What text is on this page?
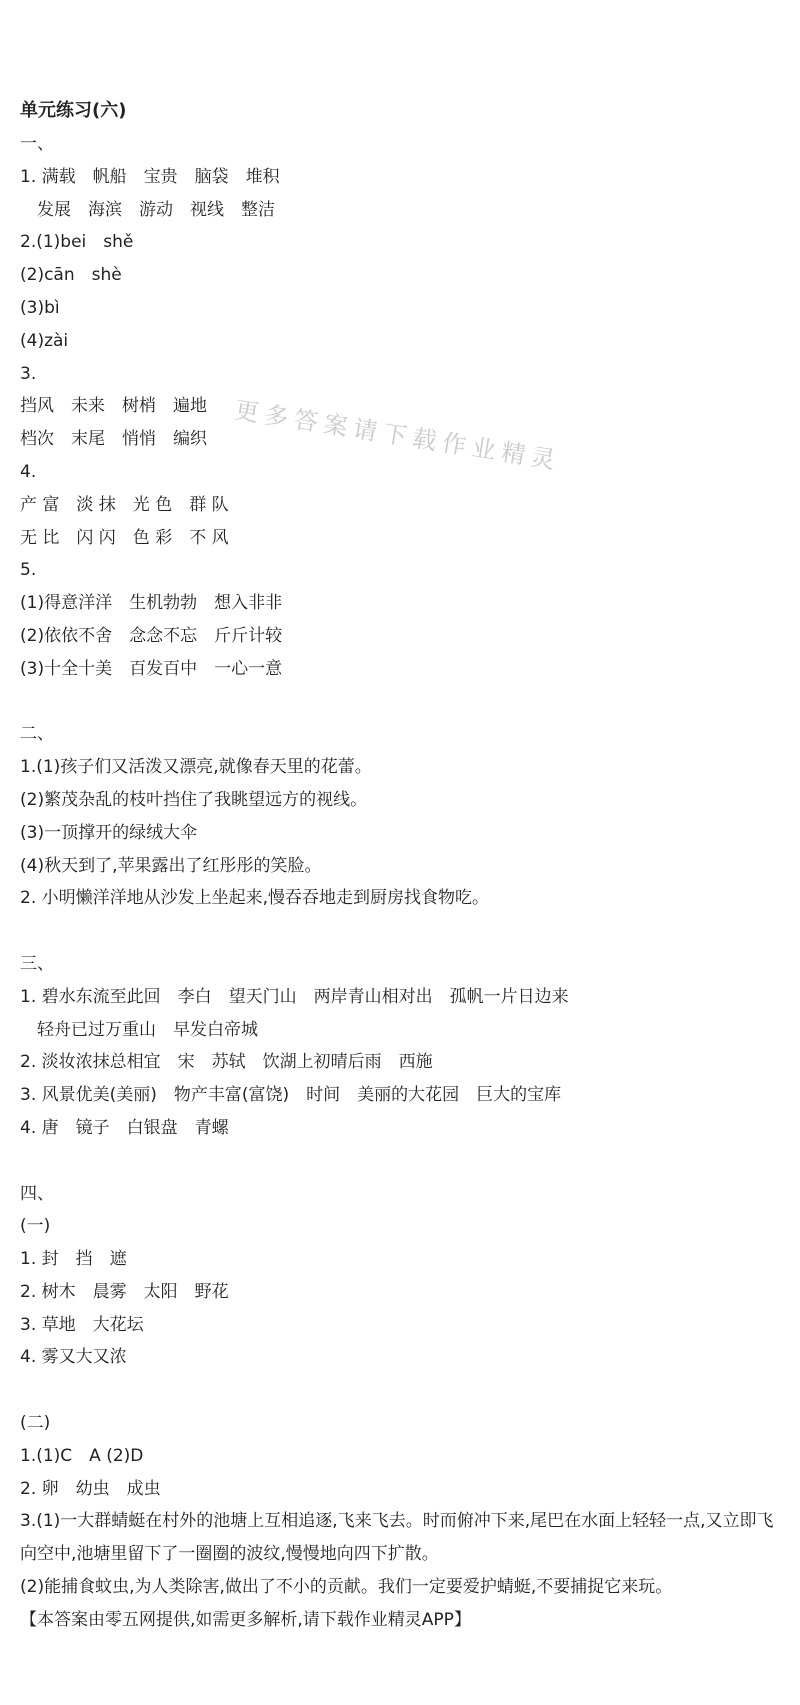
单元练习(六)
一、
1. 满载　帆船　宝贵　脑袋　堆积
　发展　海滨　游动　视线　整洁
2.(1)bei　shě
(2)cān　shè
(3)bì
(4)zài
3.
挡风　未来　树梢　遍地
档次　末尾　悄悄　编织
4.
产 富　淡 抹　光 色　群 队
无 比　闪 闪　色 彩　不 风
5.
(1)得意洋洋　生机勃勃　想入非非
(2)依依不舍　念念不忘　斤斤计较
(3)十全十美　百发百中　一心一意
二、
1.(1)孩子们又活泼又漂亮,就像春天里的花蕾。
(2)繁茂杂乱的枝叶挡住了我眺望远方的视线。
(3)一顶撑开的绿绒大伞
(4)秋天到了,苹果露出了红彤彤的笑脸。
2. 小明懒洋洋地从沙发上坐起来,慢吞吞地走到厨房找食物吃。
三、
1. 碧水东流至此回　李白　望天门山　两岸青山相对出　孤帆一片日边来
　轻舟已过万重山　早发白帝城
2. 淡妆浓抹总相宜　宋　苏轼　饮湖上初晴后雨　西施
3. 风景优美(美丽)　物产丰富(富饶)　时间　美丽的大花园　巨大的宝库
4. 唐　镜子　白银盘　青螺
四、
(一)
1. 封　挡　遮
2. 树木　晨雾　太阳　野花
3. 草地　大花坛
4. 雾又大又浓
(二)
1.(1)C　A (2)D
2. 卵　幼虫　成虫
3.(1)一大群蜻蜓在村外的池塘上互相追逐,飞来飞去。时而俯冲下来,尾巴在水面上轻轻一点,又立即飞向空中,池塘里留下了一圈圈的波纹,慢慢地向四下扩散。
(2)能捕食蚊虫,为人类除害,做出了不小的贡献。我们一定要爱护蜻蜓,不要捕捉它来玩。
【本答案由零五网提供,如需更多解析,请下载作业精灵APP】
更多答案请下载作业精灵
